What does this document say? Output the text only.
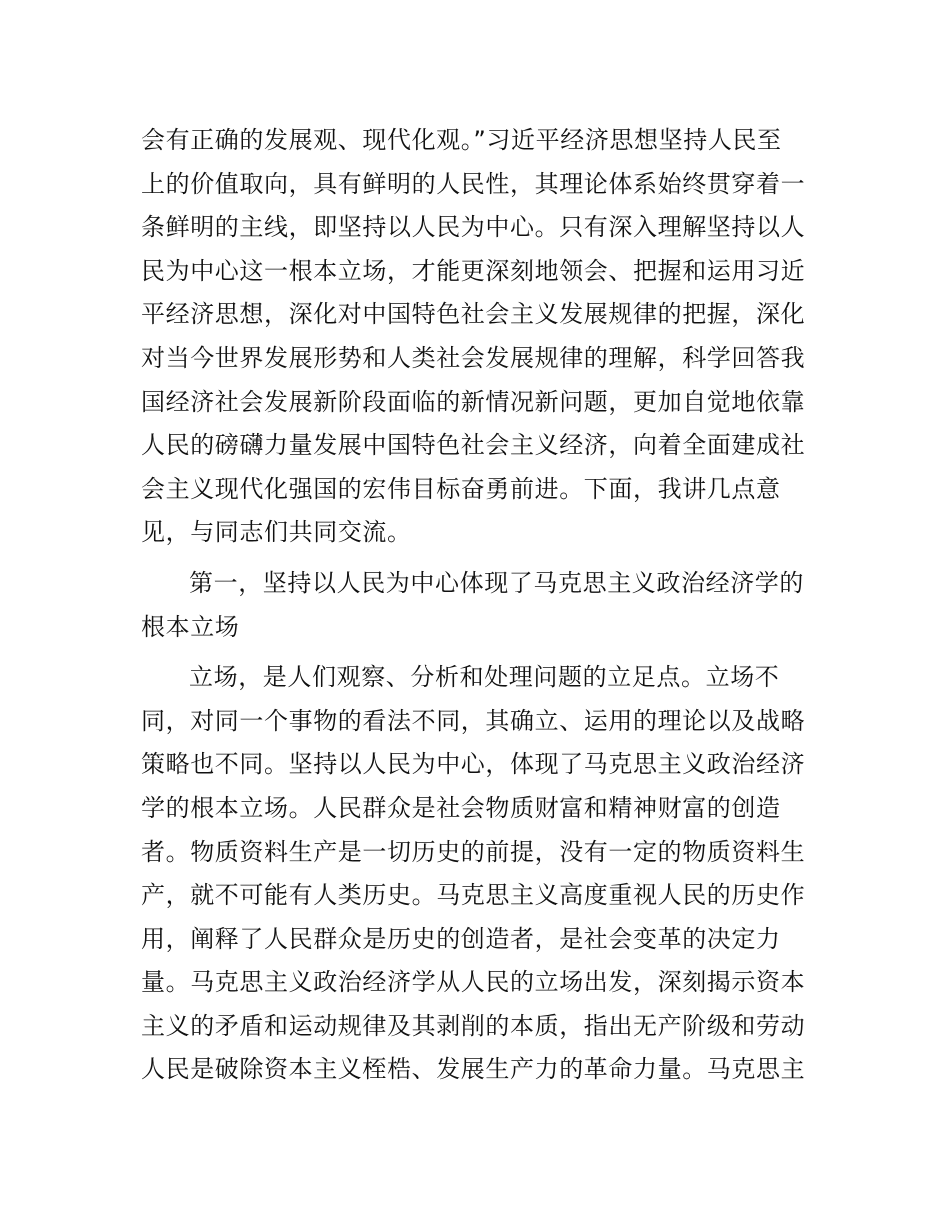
会有正确的发展观、现代化观。”习近平经济思想坚持人民至
上的价值取向，具有鲜明的人民性，其理论体系始终贯穿着一
条鲜明的主线，即坚持以人民为中心。只有深入理解坚持以人
民为中心这一根本立场，才能更深刻地领会、把握和运用习近
平经济思想，深化对中国特色社会主义发展规律的把握，深化
对当今世界发展形势和人类社会发展规律的理解，科学回答我
国经济社会发展新阶段面临的新情况新问题，更加自觉地依靠
人民的磅礴力量发展中国特色社会主义经济，向着全面建成社
会主义现代化强国的宏伟目标奋勇前进。下面，我讲几点意
见，与同志们共同交流。
第一，坚持以人民为中心体现了马克思主义政治经济学的
根本立场
立场，是人们观察、分析和处理问题的立足点。立场不
同，对同一个事物的看法不同，其确立、运用的理论以及战略
策略也不同。坚持以人民为中心，体现了马克思主义政治经济
学的根本立场。人民群众是社会物质财富和精神财富的创造
者。物质资料生产是一切历史的前提，没有一定的物质资料生
产，就不可能有人类历史。马克思主义高度重视人民的历史作
用，阐释了人民群众是历史的创造者，是社会变革的决定力
量。马克思主义政治经济学从人民的立场出发，深刻揭示资本
主义的矛盾和运动规律及其剥削的本质，指出无产阶级和劳动
人民是破除资本主义桎梏、发展生产力的革命力量。马克思主
